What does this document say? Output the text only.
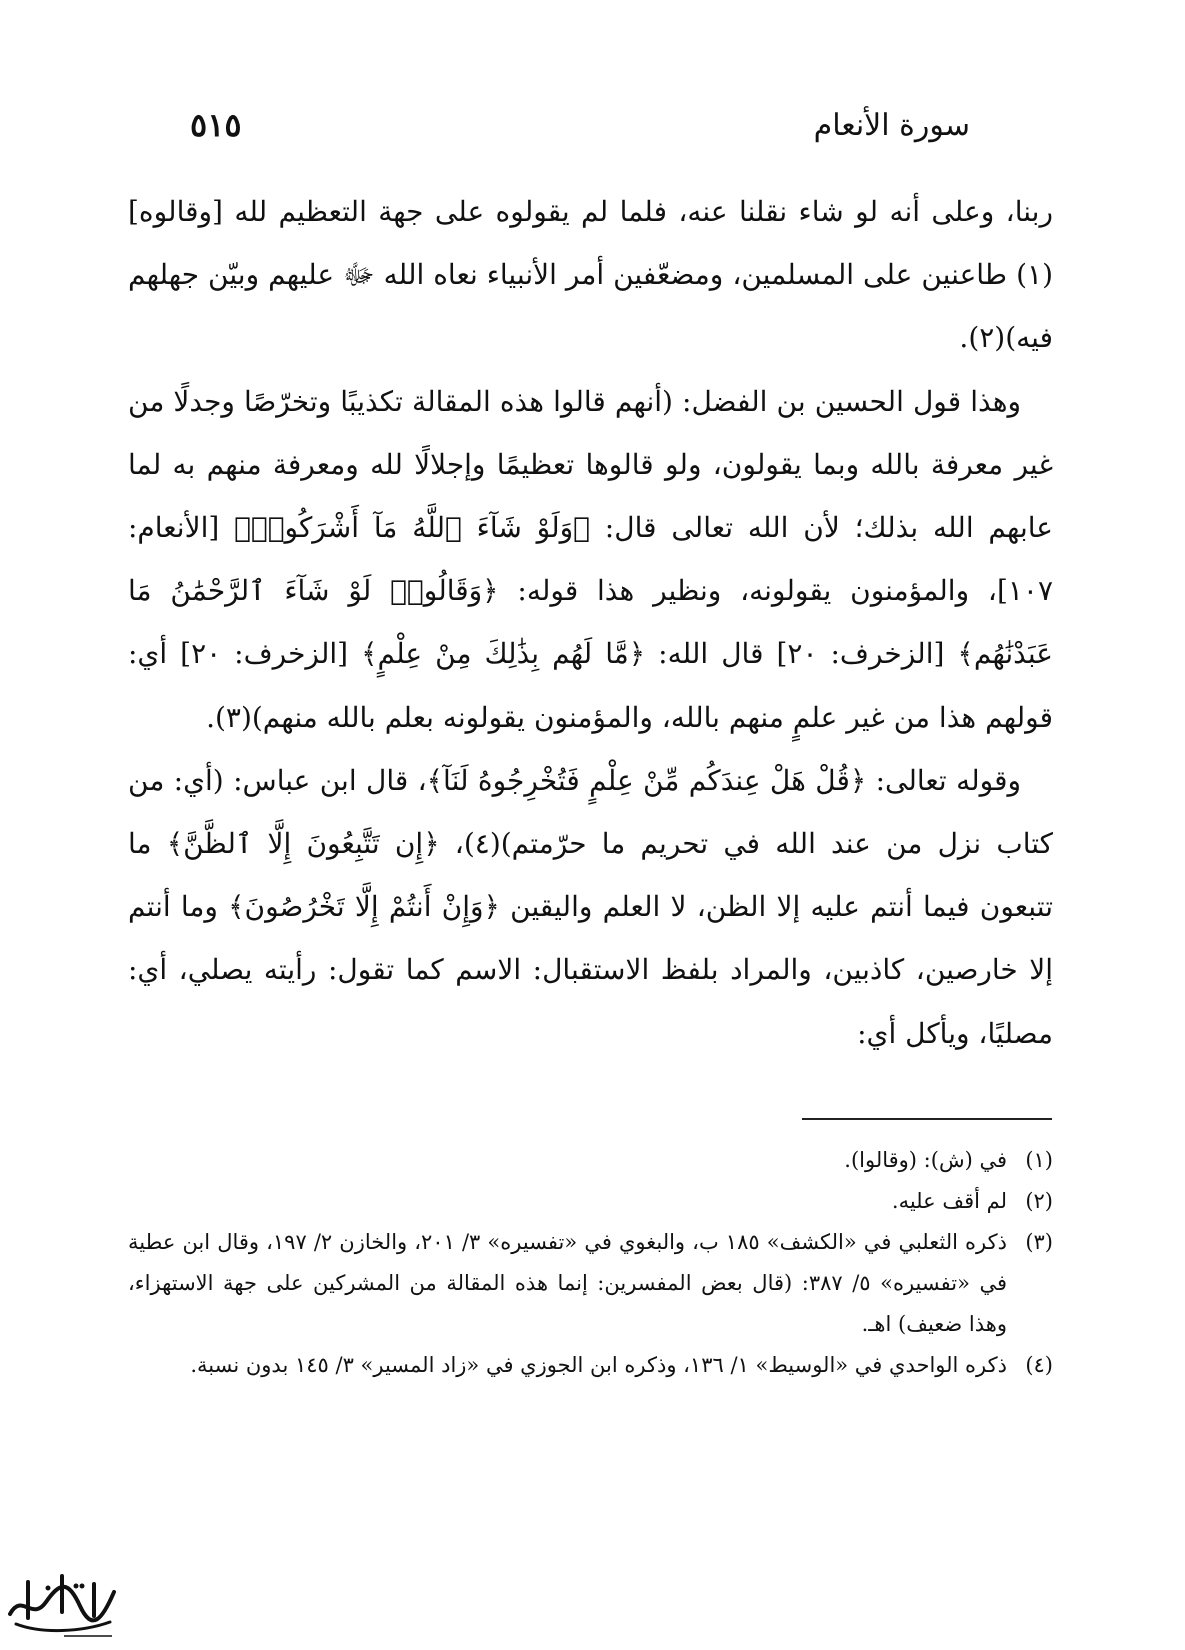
سورة الأنعام
٥١٥

ربنا، وعلى أنه لو شاء نقلنا عنه، فلما لم يقولوه على جهة التعظيم لله [وقالوه](١) طاعنين على المسلمين، ومضعّفين أمر الأنبياء نعاه الله ﷻ عليهم وبيّن جهلهم فيه)(٢).

وهذا قول الحسين بن الفضل: (أنهم قالوا هذه المقالة تكذيبًا وتخرّصًا وجدلًا من غير معرفة بالله وبما يقولون، ولو قالوها تعظيمًا وإجلالًا لله ومعرفة منهم به لما عابهم الله بذلك؛ لأن الله تعالى قال: ﴿وَلَوْ شَآءَ ٱللَّهُ مَآ أَشْرَكُوا۟﴾ [الأنعام: ١٠٧]، والمؤمنون يقولونه، ونظير هذا قوله: ﴿وَقَالُوا۟ لَوْ شَآءَ ٱلرَّحْمَٰنُ مَا عَبَدْنَٰهُم﴾ [الزخرف: ٢٠] قال الله: ﴿مَّا لَهُم بِذَٰلِكَ مِنْ عِلْمٍ﴾ [الزخرف: ٢٠] أي: قولهم هذا من غير علمٍ منهم بالله، والمؤمنون يقولونه بعلم بالله منهم)(٣).

وقوله تعالى: ﴿قُلْ هَلْ عِندَكُم مِّنْ عِلْمٍ فَتُخْرِجُوهُ لَنَآ﴾، قال ابن عباس: (أي: من كتاب نزل من عند الله في تحريم ما حرّمتم)(٤)، ﴿إِن تَتَّبِعُونَ إِلَّا ٱلظَّنَّ﴾ ما تتبعون فيما أنتم عليه إلا الظن، لا العلم واليقين ﴿وَإِنْ أَنتُمْ إِلَّا تَخْرُصُونَ﴾ وما أنتم إلا خارصين، كاذبين، والمراد بلفظ الاستقبال: الاسم كما تقول: رأيته يصلي، أي: مصليًا، ويأكل أي:

(١)
في (ش): (وقالوا).

(٢)
لم أقف عليه.

(٣)
ذكره الثعلبي في «الكشف» ١٨٥ ب، والبغوي في «تفسيره» ٣/ ٢٠١، والخازن ٢/ ١٩٧، وقال ابن عطية في «تفسيره» ٥/ ٣٨٧: (قال بعض المفسرين: إنما هذه المقالة من المشركين على جهة الاستهزاء، وهذا ضعيف) اهـ.

(٤)
ذكره الواحدي في «الوسيط» ١/ ١٣٦، وذكره ابن الجوزي في «زاد المسير» ٣/ ١٤٥ بدون نسبة.
